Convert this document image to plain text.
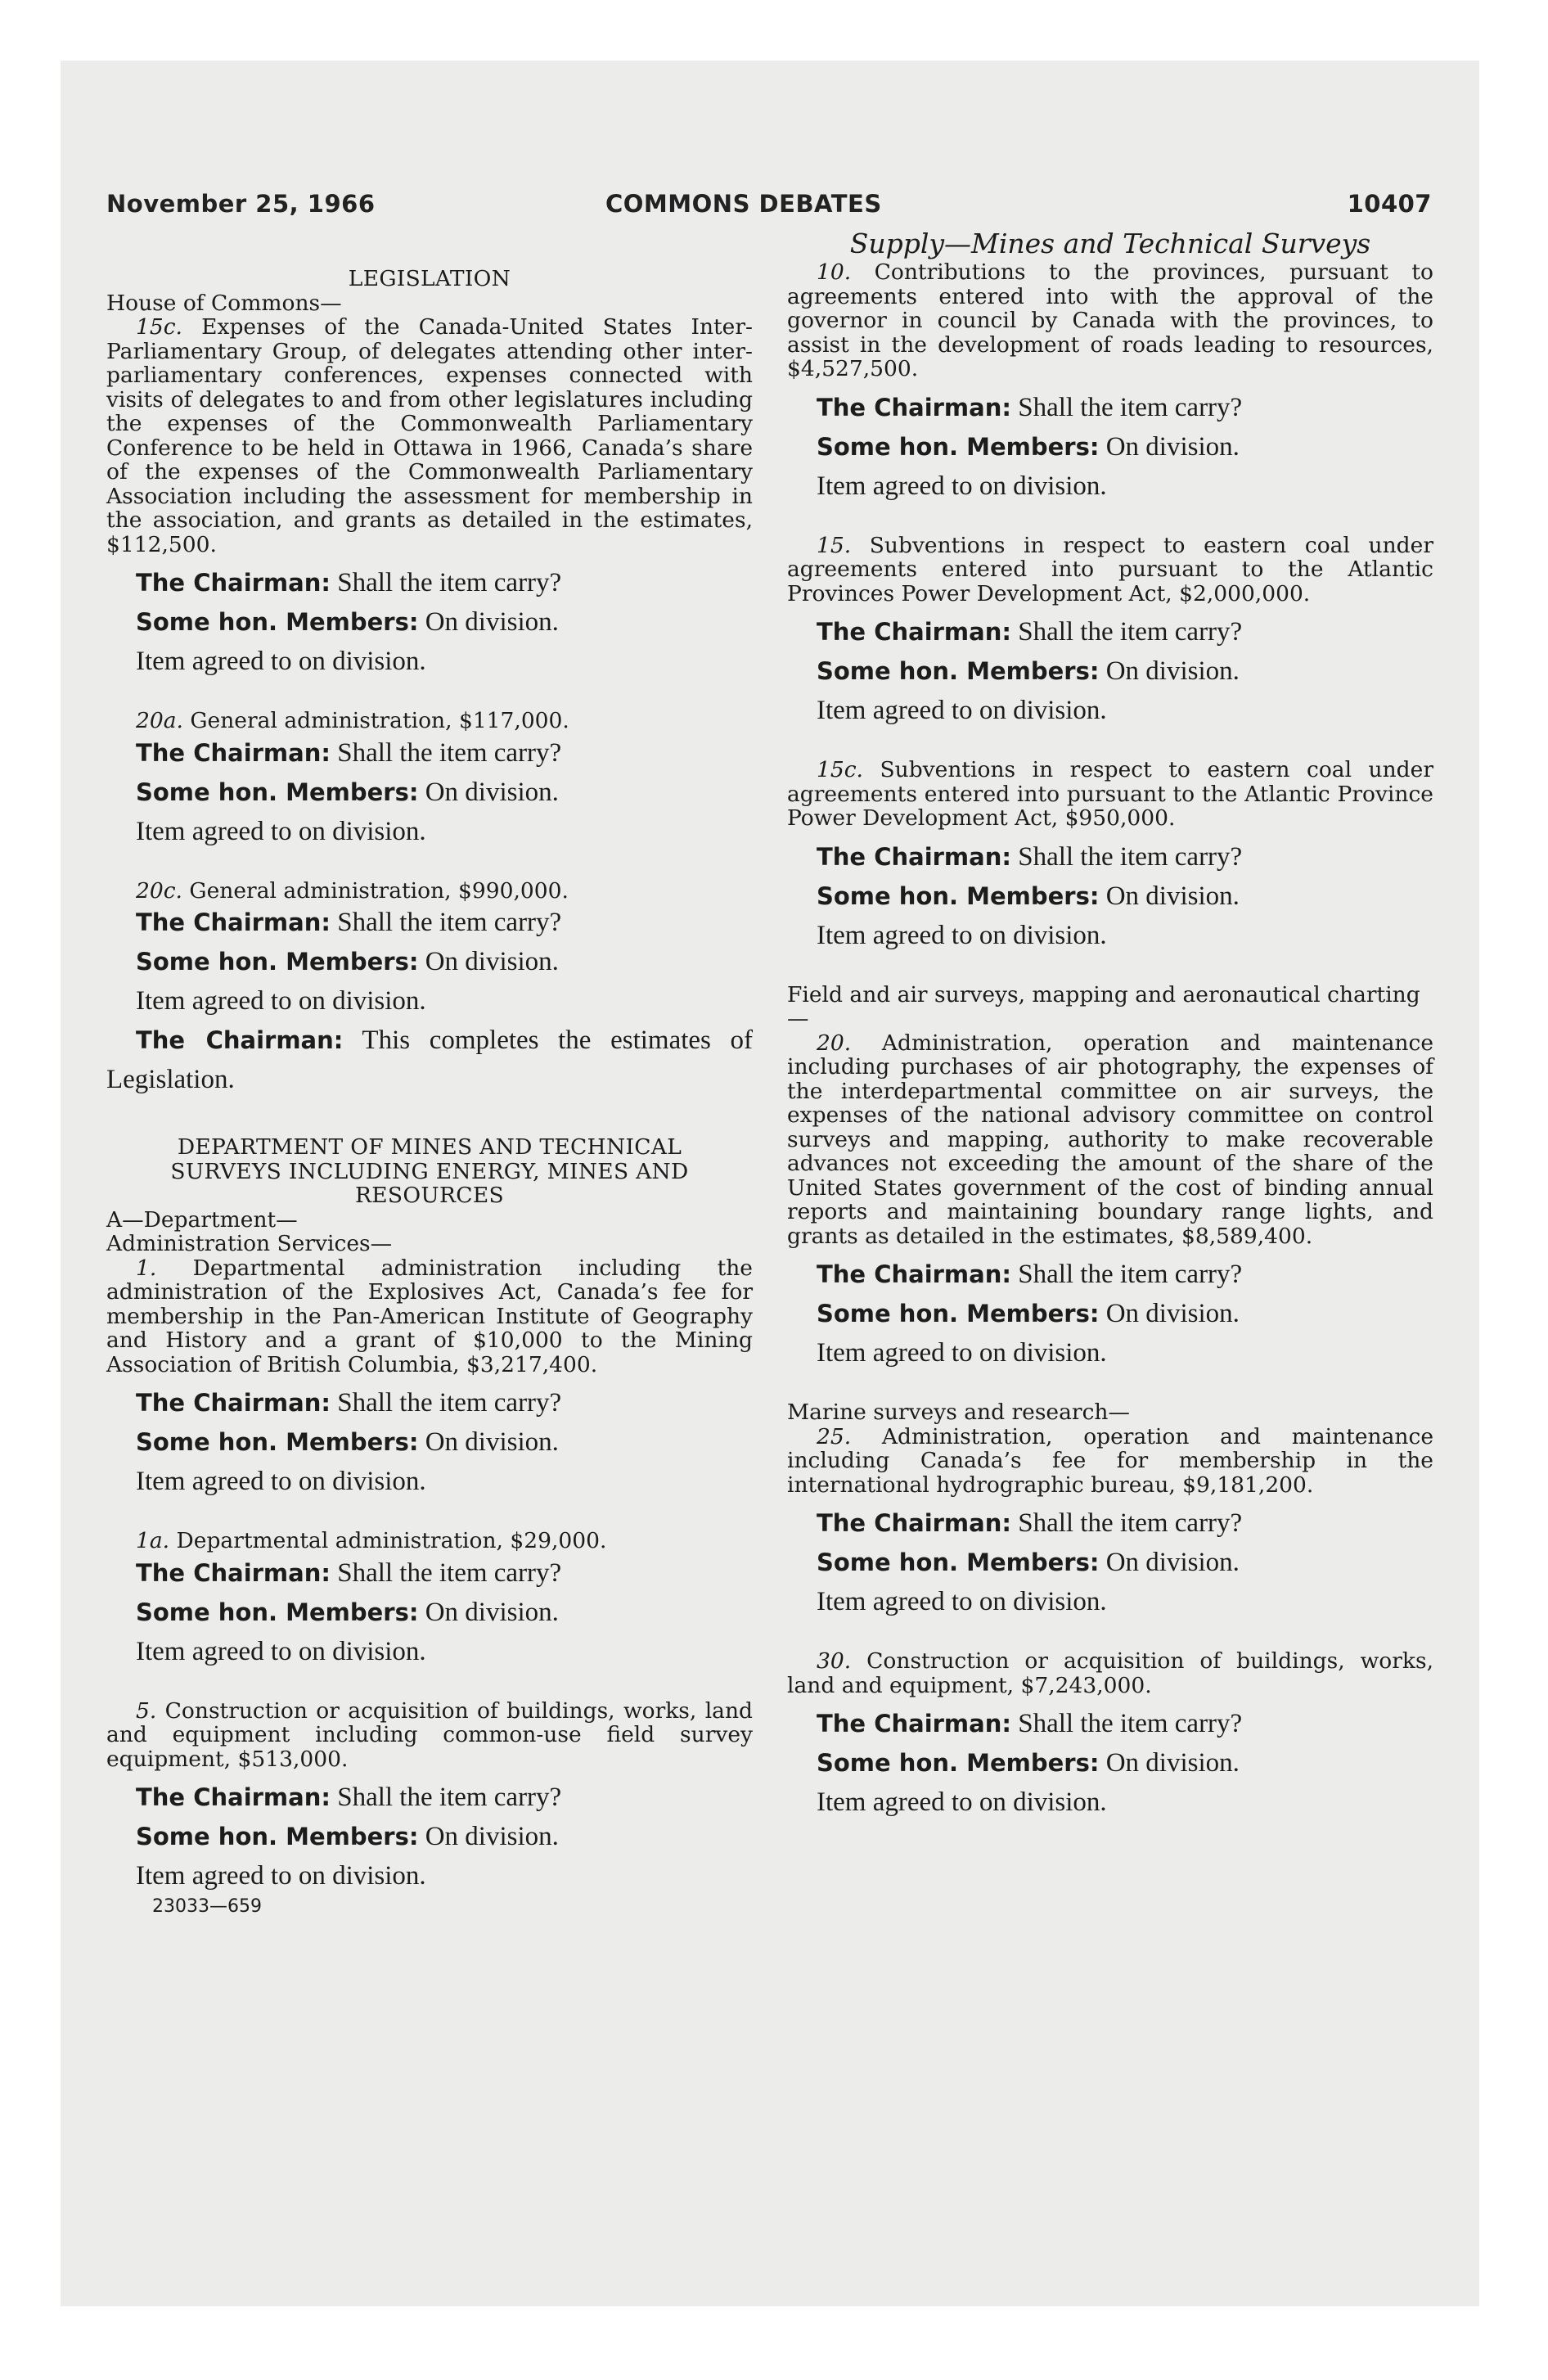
November 25, 1966	COMMONS DEBATES	10407

LEGISLATION

House of Commons—

15c. Expenses of the Canada-United States Inter-Parliamentary Group, of delegates attending other inter-parliamentary conferences, expenses connected with visits of delegates to and from other legislatures including the expenses of the Commonwealth Parliamentary Conference to be held in Ottawa in 1966, Canada’s share of the expenses of the Commonwealth Parliamentary Association including the assessment for membership in the association, and grants as detailed in the estimates, $112,500.

The Chairman: Shall the item carry?

Some hon. Members: On division.

Item agreed to on division.

20a. General administration, $117,000.

The Chairman: Shall the item carry?

Some hon. Members: On division.

Item agreed to on division.

20c. General administration, $990,000.

The Chairman: Shall the item carry?

Some hon. Members: On division.

Item agreed to on division.

The Chairman: This completes the estimates of Legislation.

DEPARTMENT OF MINES AND TECHNICAL SURVEYS INCLUDING ENERGY, MINES AND RESOURCES

A—Department—

Administration Services—

1. Departmental administration including the administration of the Explosives Act, Canada’s fee for membership in the Pan-American Institute of Geography and History and a grant of $10,000 to the Mining Association of British Columbia, $3,217,400.

The Chairman: Shall the item carry?

Some hon. Members: On division.

Item agreed to on division.

1a. Departmental administration, $29,000.

The Chairman: Shall the item carry?

Some hon. Members: On division.

Item agreed to on division.

5. Construction or acquisition of buildings, works, land and equipment including common-use field survey equipment, $513,000.

The Chairman: Shall the item carry?

Some hon. Members: On division.

Item agreed to on division.

23033—659

Supply—Mines and Technical Surveys

10. Contributions to the provinces, pursuant to agreements entered into with the approval of the governor in council by Canada with the provinces, to assist in the development of roads leading to resources, $4,527,500.

The Chairman: Shall the item carry?

Some hon. Members: On division.

Item agreed to on division.

15. Subventions in respect to eastern coal under agreements entered into pursuant to the Atlantic Provinces Power Development Act, $2,000,000.

The Chairman: Shall the item carry?

Some hon. Members: On division.

Item agreed to on division.

15c. Subventions in respect to eastern coal under agreements entered into pursuant to the Atlantic Province Power Development Act, $950,000.

The Chairman: Shall the item carry?

Some hon. Members: On division.

Item agreed to on division.

Field and air surveys, mapping and aeronautical charting—

20. Administration, operation and maintenance including purchases of air photography, the expenses of the interdepartmental committee on air surveys, the expenses of the national advisory committee on control surveys and mapping, authority to make recoverable advances not exceeding the amount of the share of the United States government of the cost of binding annual reports and maintaining boundary range lights, and grants as detailed in the estimates, $8,589,400.

The Chairman: Shall the item carry?

Some hon. Members: On division.

Item agreed to on division.

Marine surveys and research—

25. Administration, operation and maintenance including Canada’s fee for membership in the international hydrographic bureau, $9,181,200.

The Chairman: Shall the item carry?

Some hon. Members: On division.

Item agreed to on division.

30. Construction or acquisition of buildings, works, land and equipment, $7,243,000.

The Chairman: Shall the item carry?

Some hon. Members: On division.

Item agreed to on division.
